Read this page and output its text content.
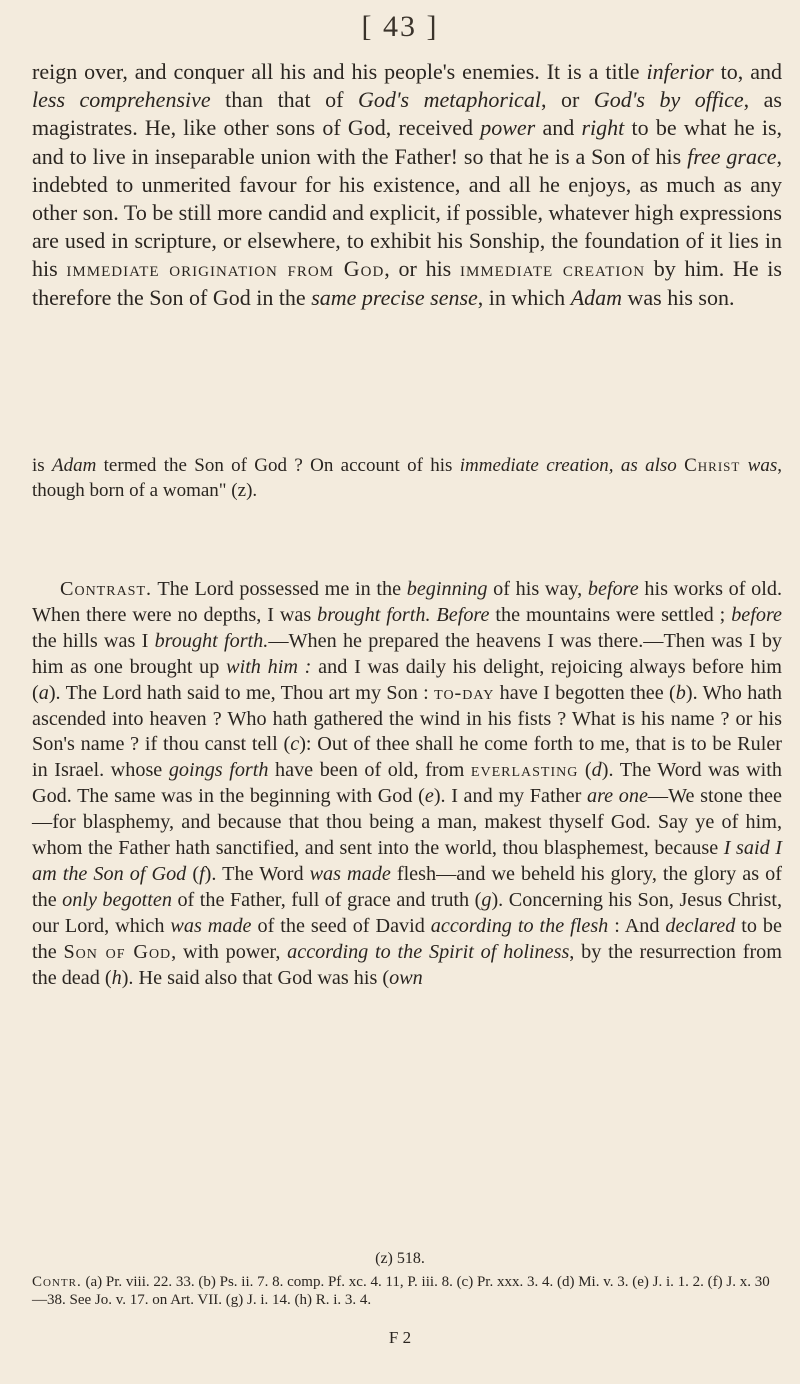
[ 43 ]
reign over, and conquer all his and his people's enemies. It is a title inferior to, and less comprehensive than that of God's metaphorical, or God's by office, as magistrates. He, like other sons of God, received power and right to be what he is, and to live in inseparable union with the Father! so that he is a Son of his free grace, indebted to unmerited favour for his existence, and all he enjoys, as much as any other son. To be still more candid and explicit, if possible, whatever high expressions are used in scripture, or elsewhere, to exhibit his Sonship, the foundation of it lies in his immediate origination from God, or his immediate creation by him. He is therefore the Son of God in the same precise sense, in which Adam was his son.
is Adam termed the Son of God ? On account of his immediate creation, as also Christ was, though born of a woman" (z).
Contrast. The Lord possessed me in the beginning of his way, before his works of old. When there were no depths, I was brought forth. Before the mountains were settled ; before the hills was I brought forth.—When he prepared the heavens I was there.—Then was I by him as one brought up with him : and I was daily his delight, rejoicing always before him (a). The Lord hath said to me, Thou art my Son : to-day have I begotten thee (b). Who hath ascended into heaven ? Who hath gathered the wind in his fists ? What is his name ? or his Son's name ? if thou canst tell (c): Out of thee shall he come forth to me, that is to be Ruler in Israel. whose goings forth have been of old, from everlasting (d). The Word was with God. The same was in the beginning with God (e). I and my Father are one—We stone thee—for blasphemy, and because that thou being a man, makest thyself God. Say ye of him, whom the Father hath sanctified, and sent into the world, thou blasphemest, because I said I am the Son of God (f). The Word was made flesh—and we beheld his glory, the glory as of the only begotten of the Father, full of grace and truth (g). Concerning his Son, Jesus Christ, our Lord, which was made of the seed of David according to the flesh : And declared to be the Son of God, with power, according to the Spirit of holiness, by the resurrection from the dead (h). He said also that God was his (own
(z) 518.
Contr. (a) Pr. viii. 22. 33. (b) Ps. ii. 7. 8. comp. Pf. xc. 4. 11, P. iii. 8. (c) Pr. xxx. 3. 4. (d) Mi. v. 3. (e) J. i. 1. 2. (f) J. x. 30—38. See Jo. v. 17. on Art. VII. (g) J. i. 14. (h) R. i. 3. 4.
F 2
